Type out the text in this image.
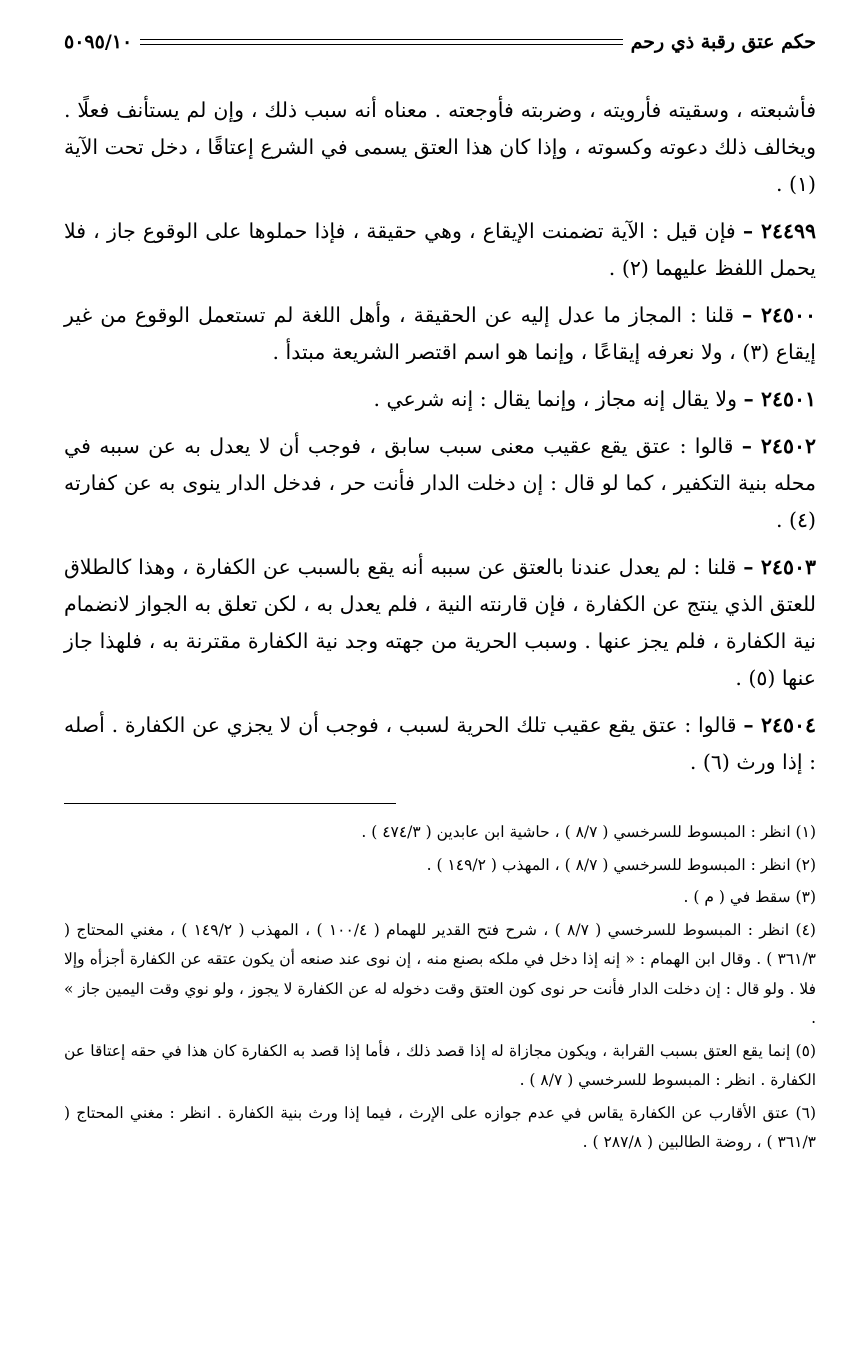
حكم عتق رقبة ذي رحم
٥٠٩٥/١٠

فأشبعته ، وسقيته فأرويته ، وضربته فأوجعته . معناه أنه سبب ذلك ، وإن لم يستأنف فعلًا . ويخالف ذلك دعوته وكسوته ، وإذا كان هذا العتق يسمى في الشرع إعتاقًا ، دخل تحت الآية (١) .

٢٤٤٩٩ – فإن قيل : الآية تضمنت الإيقاع ، وهي حقيقة ، فإذا حملوها على الوقوع جاز ، فلا يحمل اللفظ عليهما (٢) .

٢٤٥٠٠ – قلنا : المجاز ما عدل إليه عن الحقيقة ، وأهل اللغة لم تستعمل الوقوع من غير إيقاع (٣) ، ولا نعرفه إيقاعًا ، وإنما هو اسم اقتصر الشريعة مبتدأ .

٢٤٥٠١ – ولا يقال إنه مجاز ، وإنما يقال : إنه شرعي .

٢٤٥٠٢ – قالوا : عتق يقع عقيب معنى سبب سابق ، فوجب أن لا يعدل به عن سببه في محله بنية التكفير ، كما لو قال : إن دخلت الدار فأنت حر ، فدخل الدار ينوى به عن كفارته (٤) .

٢٤٥٠٣ – قلنا : لم يعدل عندنا بالعتق عن سببه أنه يقع بالسبب عن الكفارة ، وهذا كالطلاق للعتق الذي ينتج عن الكفارة ، فإن قارنته النية ، فلم يعدل به ، لكن تعلق به الجواز لانضمام نية الكفارة ، فلم يجز عنها . وسبب الحرية من جهته وجد نية الكفارة مقترنة به ، فلهذا جاز عنها (٥) .

٢٤٥٠٤ – قالوا : عتق يقع عقيب تلك الحرية لسبب ، فوجب أن لا يجزي عن الكفارة . أصله : إذا ورث (٦) .

(١) انظر : المبسوط للسرخسي ( ٨/٧ ) ، حاشية ابن عابدين ( ٤٧٤/٣ ) .

(٢) انظر : المبسوط للسرخسي ( ٨/٧ ) ، المهذب ( ١٤٩/٢ ) .

(٣) سقط في ( م ) .

(٤) انظر : المبسوط للسرخسي ( ٨/٧ ) ، شرح فتح القدير للهمام ( ١٠٠/٤ ) ، المهذب ( ١٤٩/٢ ) ، مغني المحتاج ( ٣٦١/٣ ) . وقال ابن الهمام : « إنه إذا دخل في ملكه بصنع منه ، إن نوى عند صنعه أن يكون عتقه عن الكفارة أجزأه وإلا فلا . ولو قال : إن دخلت الدار فأنت حر نوى كون العتق وقت دخوله له عن الكفارة لا يجوز ، ولو نوي وقت اليمين جاز » .

(٥) إنما يقع العتق بسبب القرابة ، ويكون مجازاة له إذا قصد ذلك ، فأما إذا قصد به الكفارة كان هذا في حقه إعتاقا عن الكفارة . انظر : المبسوط للسرخسي ( ٨/٧ ) .

(٦) عتق الأقارب عن الكفارة يقاس في عدم جوازه على الإرث ، فيما إذا ورث بنية الكفارة . انظر : مغني المحتاج ( ٣٦١/٣ ) ، روضة الطالبين ( ٢٨٧/٨ ) .
